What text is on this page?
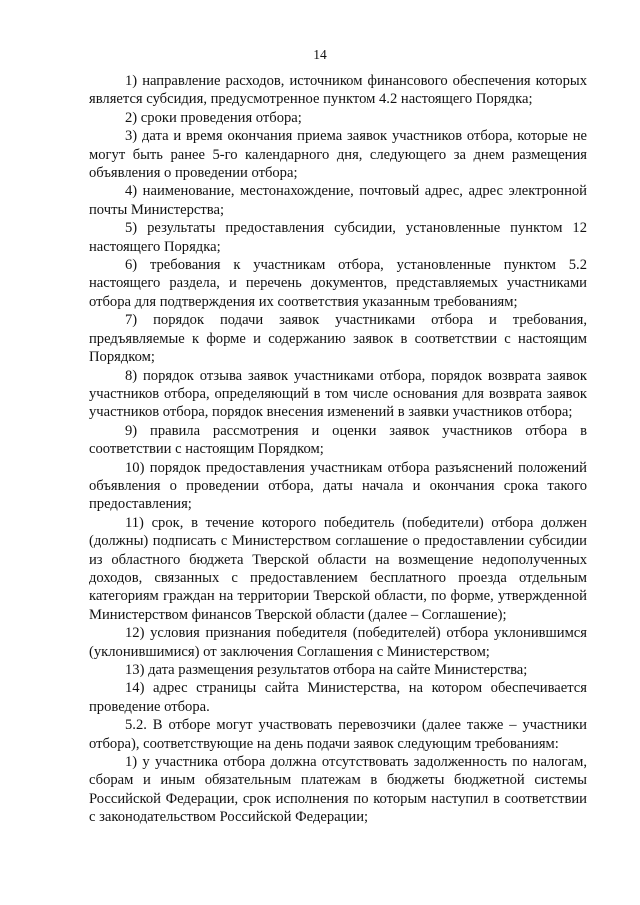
14

1) направление расходов, источником финансового обеспечения которых является субсидия, предусмотренное пунктом 4.2 настоящего Порядка;

2) сроки проведения отбора;

3) дата и время окончания приема заявок участников отбора, которые не могут быть ранее 5-го календарного дня, следующего за днем размещения объявления о проведении отбора;

4) наименование, местонахождение, почтовый адрес, адрес электронной почты Министерства;

5) результаты предоставления субсидии, установленные пунктом 12 настоящего Порядка;

6) требования к участникам отбора, установленные пунктом 5.2 настоящего раздела, и перечень документов, представляемых участниками отбора для подтверждения их соответствия указанным требованиям;

7) порядок подачи заявок участниками отбора и требования, предъявляемые к форме и содержанию заявок в соответствии с настоящим Порядком;

8) порядок отзыва заявок участниками отбора, порядок возврата заявок участников отбора, определяющий в том числе основания для возврата заявок участников отбора, порядок внесения изменений в заявки участников отбора;

9) правила рассмотрения и оценки заявок участников отбора в соответствии с настоящим Порядком;

10) порядок предоставления участникам отбора разъяснений положений объявления о проведении отбора, даты начала и окончания срока такого предоставления;

11) срок, в течение которого победитель (победители) отбора должен (должны) подписать с Министерством соглашение о предоставлении субсидии из областного бюджета Тверской области на возмещение недополученных доходов, связанных с предоставлением бесплатного проезда отдельным категориям граждан на территории Тверской области, по форме, утвержденной Министерством финансов Тверской области (далее – Соглашение);

12) условия признания победителя (победителей) отбора уклонившимся (уклонившимися) от заключения Соглашения с Министерством;

13) дата размещения результатов отбора на сайте Министерства;

14) адрес страницы сайта Министерства, на котором обеспечивается проведение отбора.

5.2. В отборе могут участвовать перевозчики (далее также – участники отбора), соответствующие на день подачи заявок следующим требованиям:

1) у участника отбора должна отсутствовать задолженность по налогам, сборам и иным обязательным платежам в бюджеты бюджетной системы Российской Федерации, срок исполнения по которым наступил в соответствии с законодательством Российской Федерации;
